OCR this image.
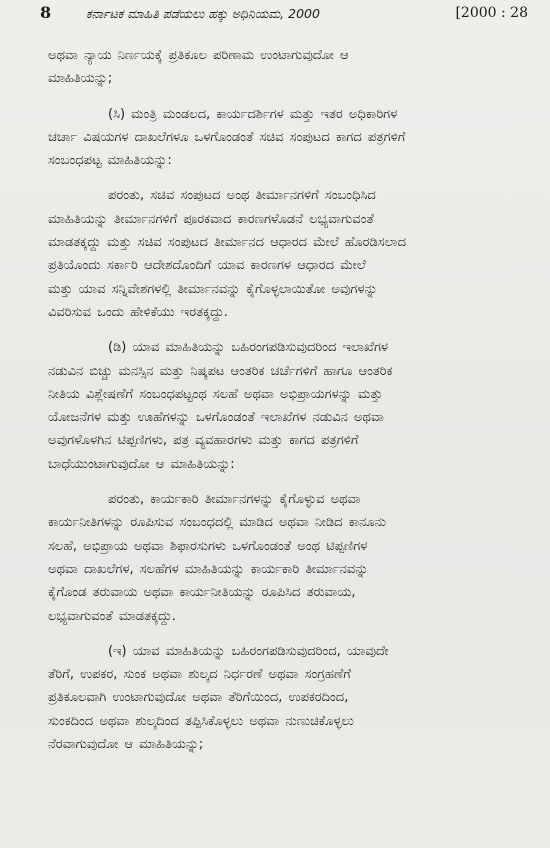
8	ಕರ್ನಾಟಕ ಮಾಹಿತಿ ಪಡೆಯಲು ಹಕ್ಕು ಅಧಿನಿಯಮ, 2000	[2000 : 28

ಅಥವಾ ನ್ಯಾಯ ನಿರ್ಣಯಕ್ಕೆ ಪ್ರತಿಕೂಲ ಪರಿಣಾಮ ಉಂಟಾಗುವುದೋ ಆ
ಮಾಹಿತಿಯನ್ನು;

(ಸಿ) ಮಂತ್ರಿ ಮಂಡಲದ, ಕಾರ್ಯದರ್ಶಿಗಳ ಮತ್ತು ಇತರ ಅಧಿಕಾರಿಗಳ
ಚರ್ಚಾ ವಿಷಯಗಳ ದಾಖಲೆಗಳೂ ಒಳಗೊಂಡಂತೆ ಸಚಿವ ಸಂಪುಟದ ಕಾಗದ ಪತ್ರಗಳಿಗೆ
ಸಂಬಂಧಪಟ್ಟ ಮಾಹಿತಿಯನ್ನು:

ಪರಂತು, ಸಚಿವ ಸಂಪುಟದ ಅಂಥ ತೀರ್ಮಾನಗಳಿಗೆ ಸಂಬಂಧಿಸಿದ
ಮಾಹಿತಿಯನ್ನು ತೀರ್ಮಾನಗಳಿಗೆ ಪೂರಕವಾದ ಕಾರಣಗಳೊಡನೆ ಲಭ್ಯವಾಗುವಂತೆ
ಮಾಡತಕ್ಕದ್ದು ಮತ್ತು ಸಚಿವ ಸಂಪುಟದ ತೀರ್ಮಾನದ ಆಧಾರದ ಮೇಲೆ ಹೊರಡಿಸಲಾದ
ಪ್ರತಿಯೊಂದು ಸರ್ಕಾರಿ ಆದೇಶದೊಂದಿಗೆ ಯಾವ ಕಾರಣಗಳ ಆಧಾರದ ಮೇಲೆ
ಮತ್ತು ಯಾವ ಸನ್ನಿವೇಶಗಳಲ್ಲಿ ತೀರ್ಮಾನವನ್ನು ಕೈಗೊಳ್ಳಲಾಯಿತೋ ಅವುಗಳನ್ನು
ವಿವರಿಸುವ ಒಂದು ಹೇಳಿಕೆಯು ಇರತಕ್ಕದ್ದು.

(ಡಿ) ಯಾವ ಮಾಹಿತಿಯನ್ನು ಬಹಿರಂಗಪಡಿಸುವುದರಿಂದ ಇಲಾಖೆಗಳ
ನಡುವಿನ ಬಿಚ್ಚು ಮನಸ್ಸಿನ ಮತ್ತು ನಿಷ್ಕಪಟ ಆಂತರಿಕ ಚರ್ಚೆಗಳಿಗೆ ಹಾಗೂ ಆಂತರಿಕ
ನೀತಿಯ ವಿಶ್ಲೇಷಣೆಗೆ ಸಂಬಂಧಪಟ್ಟಂಥ ಸಲಹೆ ಅಥವಾ ಅಭಿಪ್ರಾಯಗಳನ್ನು ಮತ್ತು
ಯೋಜನೆಗಳ ಮತ್ತು ಊಹೆಗಳನ್ನು ಒಳಗೊಂಡಂತೆ ಇಲಾಖೆಗಳ ನಡುವಿನ ಅಥವಾ
ಅವುಗಳೊಳಗಿನ ಟಿಪ್ಪಣಿಗಳು, ಪತ್ರ ವ್ಯವಹಾರಗಳು ಮತ್ತು ಕಾಗದ ಪತ್ರಗಳಿಗೆ
ಬಾಧೆಯುಂಟಾಗುವುದೋ ಆ ಮಾಹಿತಿಯನ್ನು:

ಪರಂತು, ಕಾರ್ಯಕಾರಿ ತೀರ್ಮಾನಗಳನ್ನು ಕೈಗೊಳ್ಳುವ ಅಥವಾ
ಕಾರ್ಯನೀತಿಗಳನ್ನು ರೂಪಿಸುವ ಸಂಬಂಧದಲ್ಲಿ ಮಾಡಿದ ಅಥವಾ ನೀಡಿದ ಕಾನೂನು
ಸಲಹೆ, ಅಭಿಪ್ರಾಯ ಅಥವಾ ಶಿಫಾರಸುಗಳು ಒಳಗೊಂಡಂತೆ ಅಂಥ ಟಿಪ್ಪಣಿಗಳ
ಅಥವಾ ದಾಖಲೆಗಳ, ಸಲಹೆಗಳ ಮಾಹಿತಿಯನ್ನು ಕಾರ್ಯಕಾರಿ ತೀರ್ಮಾನವನ್ನು
ಕೈಗೊಂಡ ತರುವಾಯ ಅಥವಾ ಕಾರ್ಯನೀತಿಯನ್ನು ರೂಪಿಸಿದ ತರುವಾಯ,
ಲಭ್ಯವಾಗುವಂತೆ ಮಾಡತಕ್ಕದ್ದು.

(ಇ) ಯಾವ ಮಾಹಿತಿಯನ್ನು ಬಹಿರಂಗಪಡಿಸುವುದರಿಂದ, ಯಾವುದೇ
ತೆರಿಗೆ, ಉಪಕರ, ಸುಂಕ ಅಥವಾ ಶುಲ್ಕದ ನಿರ್ಧರಣೆ ಅಥವಾ ಸಂಗ್ರಹಣೆಗೆ
ಪ್ರತಿಕೂಲವಾಗಿ ಉಂಟಾಗುವುದೋ ಅಥವಾ ತೆರಿಗೆಯಿಂದ, ಉಪಕರದಿಂದ,
ಸುಂಕದಿಂದ ಅಥವಾ ಶುಲ್ಕದಿಂದ ತಪ್ಪಿಸಿಕೊಳ್ಳಲು ಅಥವಾ ನುಣುಚಿಕೊಳ್ಳಲು
ನೆರವಾಗುವುದೋ ಆ ಮಾಹಿತಿಯನ್ನು;
